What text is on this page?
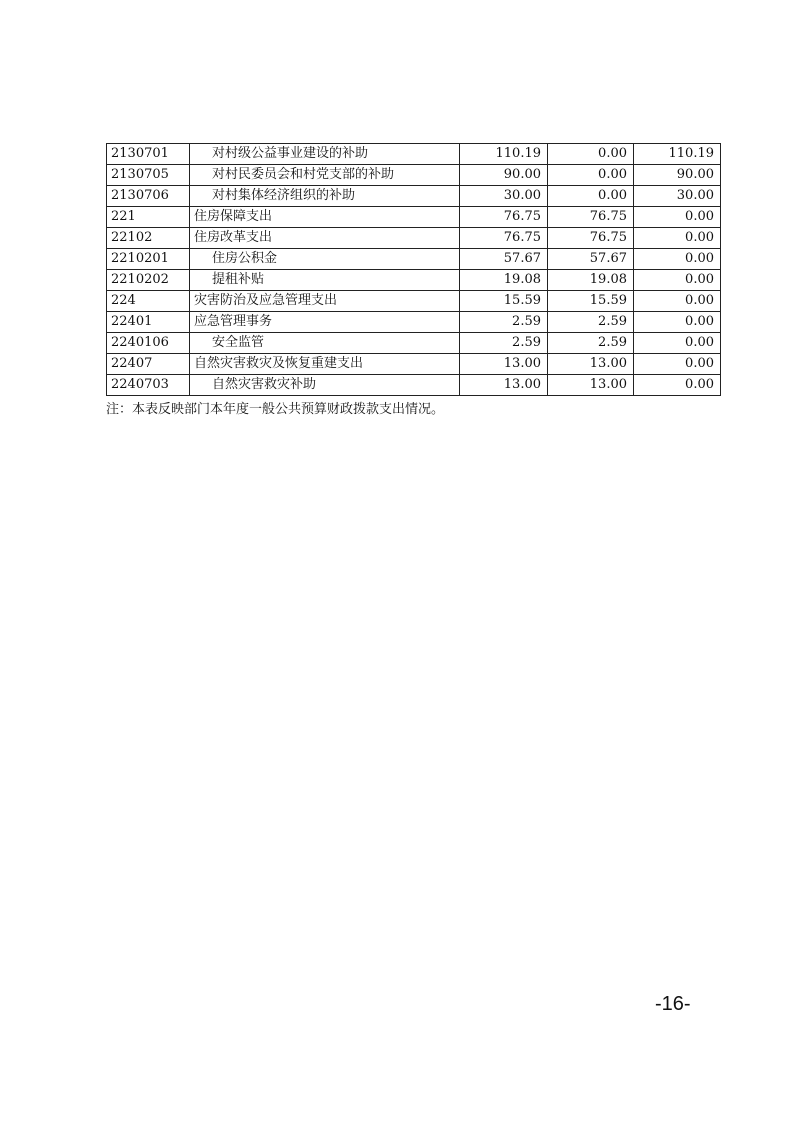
2130701	对村级公益事业建设的补助	110.19	0.00	110.19
2130705	对村民委员会和村党支部的补助	90.00	0.00	90.00
2130706	对村集体经济组织的补助	30.00	0.00	30.00
221	住房保障支出	76.75	76.75	0.00
22102	住房改革支出	76.75	76.75	0.00
2210201	住房公积金	57.67	57.67	0.00
2210202	提租补贴	19.08	19.08	0.00
224	灾害防治及应急管理支出	15.59	15.59	0.00
22401	应急管理事务	2.59	2.59	0.00
2240106	安全监管	2.59	2.59	0.00
22407	自然灾害救灾及恢复重建支出	13.00	13.00	0.00
2240703	自然灾害救灾补助	13.00	13.00	0.00
注：本表反映部门本年度一般公共预算财政拨款支出情况。
-16-
